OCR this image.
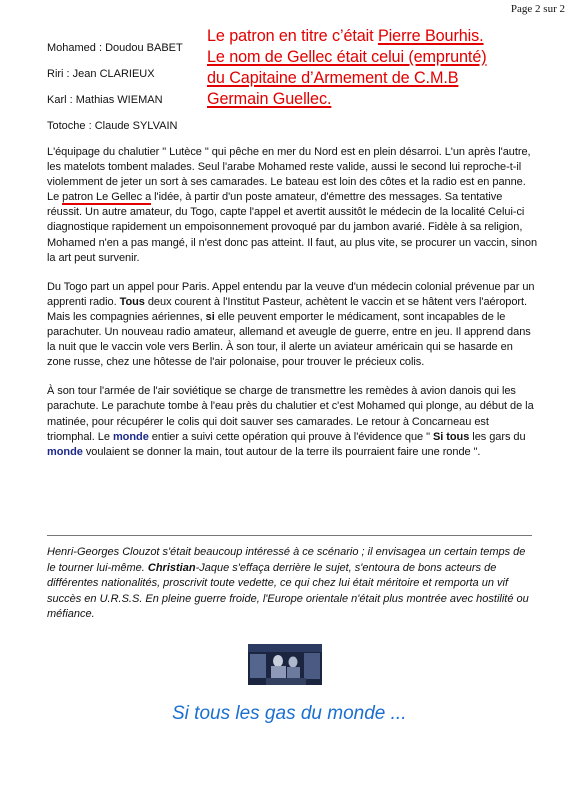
Page 2 sur 2
Le patron en titre c’était Pierre Bourhis.
Le nom de Gellec était celui (emprunté)
du Capitaine d’Armement de C.M.B
Germain Guellec.
Mohamed : Doudou BABET
Riri : Jean CLARIEUX
Karl : Mathias WIEMAN
Totoche : Claude SYLVAIN

L'équipage du chalutier " Lutèce " qui pêche en mer du Nord est en plein désarroi. L'un après l'autre, les matelots tombent malades. Seul l'arabe Mohamed reste valide, aussi le second lui reproche-t-il violemment de jeter un sort à ses camarades. Le bateau est loin des côtes et la radio est en panne. Le patron Le Gellec a l'idée, à partir d'un poste amateur, d'émettre des messages. Sa tentative réussit. Un autre amateur, du Togo, capte l'appel et avertit aussitôt le médecin de la localité Celui-ci diagnostique rapidement un empoisonnement provoqué par du jambon avarié. Fidèle à sa religion, Mohamed n'en a pas mangé, il n'est donc pas atteint. Il faut, au plus vite, se procurer un vaccin, sinon la art peut survenir.

Du Togo part un appel pour Paris. Appel entendu par la veuve d'un médecin colonial prévenue par un apprenti radio. Tous deux courent à l'Institut Pasteur, achètent le vaccin et se hâtent vers l'aéroport. Mais les compagnies aériennes, si elle peuvent emporter le médicament, sont incapables de le parachuter. Un nouveau radio amateur, allemand et aveugle de guerre, entre en jeu. Il apprend dans la nuit que le vaccin vole vers Berlin. À son tour, il alerte un aviateur américain qui se hasarde en zone russe, chez une hôtesse de l'air polonaise, pour trouver le précieux colis.

À son tour l'armée de l'air soviétique se charge de transmettre les remèdes à avion danois qui les parachute. Le parachute tombe à l'eau près du chalutier et c'est Mohamed qui plonge, au début de la matinée, pour récupérer le colis qui doit sauver ses camarades. Le retour à Concarneau est triomphal. Le monde entier a suivi cette opération qui prouve à l'évidence que " Si tous les gars du monde voulaient se donner la main, tout autour de la terre ils pourraient faire une ronde ".

Henri-Georges Clouzot s'était beaucoup intéressé à ce scénario ; il envisagea un certain temps de le tourner lui-même. Christian-Jaque s'effaça derrière le sujet, s'entoura de bons acteurs de différentes nationalités, proscrivit toute vedette, ce qui chez lui était méritoire et remporta un vif succès en U.R.S.S. En pleine guerre froide, l'Europe orientale n'était plus montrée avec hostilité ou méfiance.

Si tous les gas du monde ...
